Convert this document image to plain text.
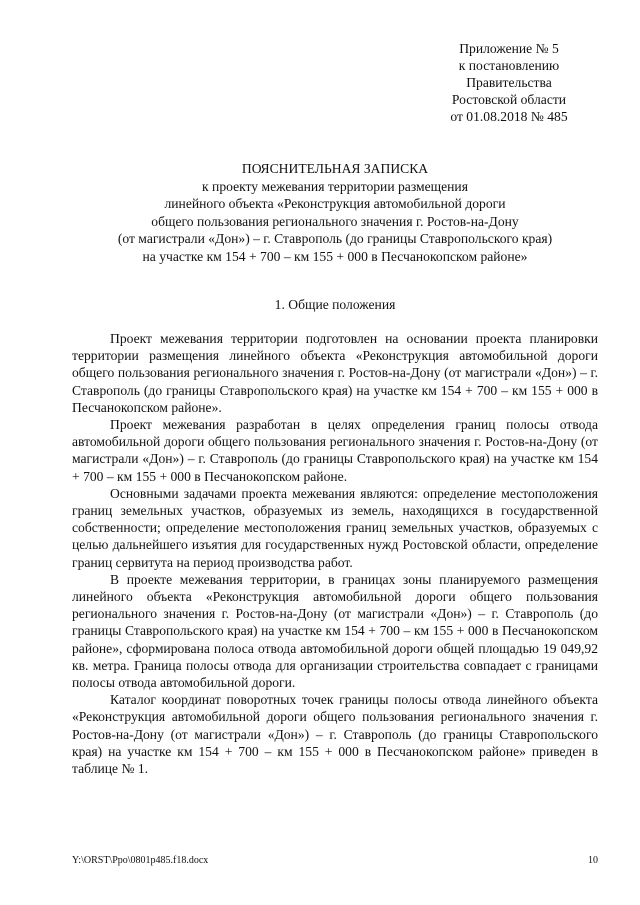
Приложение № 5
к постановлению
Правительства
Ростовской области
от 01.08.2018 № 485
ПОЯСНИТЕЛЬНАЯ ЗАПИСКА
к проекту межевания территории размещения
линейного объекта «Реконструкция автомобильной дороги
общего пользования регионального значения г. Ростов-на-Дону
(от магистрали «Дон») – г. Ставрополь (до границы Ставропольского края)
на участке км 154 + 700 – км 155 + 000 в Песчанокопском районе»
1. Общие положения

Проект межевания территории подготовлен на основании проекта планировки территории размещения линейного объекта «Реконструкция автомобильной дороги общего пользования регионального значения г. Ростов-на-Дону (от магистрали «Дон») – г. Ставрополь (до границы Ставропольского края) на участке км 154 + 700 – км 155 + 000 в Песчанокопском районе».

Проект межевания разработан в целях определения границ полосы отвода автомобильной дороги общего пользования регионального значения г. Ростов-на-Дону (от магистрали «Дон») – г. Ставрополь (до границы Ставропольского края) на участке км 154 + 700 – км 155 + 000 в Песчанокопском районе.

Основными задачами проекта межевания являются: определение местоположения границ земельных участков, образуемых из земель, находящихся в государственной собственности; определение местоположения границ земельных участков, образуемых с целью дальнейшего изъятия для государственных нужд Ростовской области, определение границ сервитута на период производства работ.

В проекте межевания территории, в границах зоны планируемого размещения линейного объекта «Реконструкция автомобильной дороги общего пользования регионального значения г. Ростов-на-Дону (от магистрали «Дон») – г. Ставрополь (до границы Ставропольского края) на участке км 154 + 700 – км 155 + 000 в Песчанокопском районе», сформирована полоса отвода автомобильной дороги общей площадью 19 049,92 кв. метра. Граница полосы отвода для организации строительства совпадает с границами полосы отвода автомобильной дороги.

Каталог координат поворотных точек границы полосы отвода линейного объекта «Реконструкция автомобильной дороги общего пользования регионального значения г. Ростов-на-Дону (от магистрали «Дон») – г. Ставрополь (до границы Ставропольского края) на участке км 154 + 700 – км 155 + 000 в Песчанокопском районе» приведен в таблице № 1.

Y:\ORST\Ppo\0801p485.f18.docx	10
